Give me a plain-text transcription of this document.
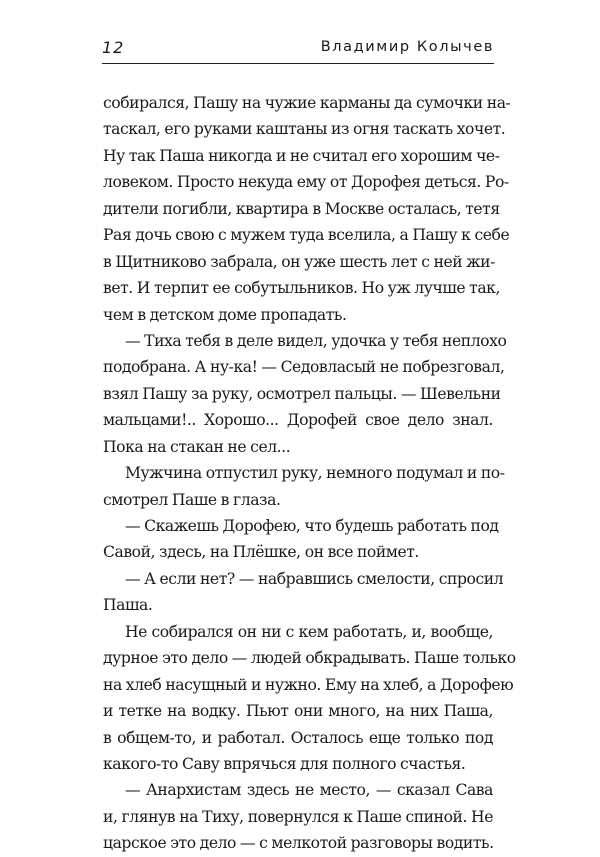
12	Владимир Колычев
собирался, Пашу на чужие карманы да сумочки на-
таскал, его руками каштаны из огня таскать хочет.
Ну так Паша никогда и не считал его хорошим че-
ловеком. Просто некуда ему от Дорофея деться. Ро-
дители погибли, квартира в Москве осталась, тетя
Рая дочь свою с мужем туда вселила, а Пашу к себе
в Щитниково забрала, он уже шесть лет с ней жи-
вет. И терпит ее собутыльников. Но уж лучше так,
чем в детском доме пропадать.
— Тиха тебя в деле видел, удочка у тебя неплохо
подобрана. А ну-ка! — Седовласый не побрезговал,
взял Пашу за руку, осмотрел пальцы. — Шевельни
мальцами!.. Хорошо... Дорофей свое дело знал.
Пока на стакан не сел...
Мужчина отпустил руку, немного подумал и по-
смотрел Паше в глаза.
— Скажешь Дорофею, что будешь работать под
Савой, здесь, на Плёшке, он все поймет.
— А если нет? — набравшись смелости, спросил
Паша.
Не собирался он ни с кем работать, и, вообще,
дурное это дело — людей обкрадывать. Паше только
на хлеб насущный и нужно. Ему на хлеб, а Дорофею
и тетке на водку. Пьют они много, на них Паша,
в общем-то, и работал. Осталось еще только под
какого-то Саву впрячься для полного счастья.
— Анархистам здесь не место, — сказал Сава
и, глянув на Тиху, повернулся к Паше спиной. Не
царское это дело — с мелкотой разговоры водить.
